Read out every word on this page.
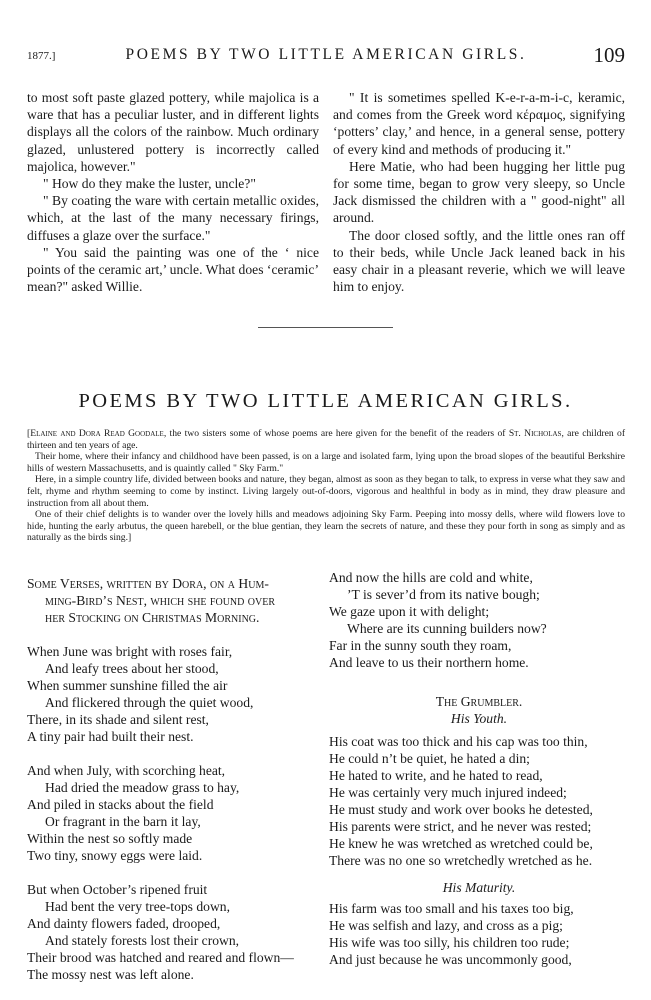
1877.]	POEMS BY TWO LITTLE AMERICAN GIRLS.	109

to most soft paste glazed pottery, while majolica is a ware that has a peculiar luster, and in different lights displays all the colors of the rainbow. Much ordinary glazed, unlustered pottery is incorrectly called majolica, however."

" How do they make the luster, uncle?"

" By coating the ware with certain metallic oxides, which, at the last of the many necessary firings, diffuses a glaze over the surface."

" You said the painting was one of the ‘ nice points of the ceramic art,’ uncle. What does ‘ceramic’ mean?" asked Willie.

" It is sometimes spelled K-e-r-a-m-i-c, keramic, and comes from the Greek word κέραμος, signifying ‘potters’ clay,’ and hence, in a general sense, pottery of every kind and methods of producing it."

Here Matie, who had been hugging her little pug for some time, began to grow very sleepy, so Uncle Jack dismissed the children with a " good-night" all around.

The door closed softly, and the little ones ran off to their beds, while Uncle Jack leaned back in his easy chair in a pleasant reverie, which we will leave him to enjoy.

POEMS BY TWO LITTLE AMERICAN GIRLS.

[Elaine and Dora Read Goodale, the two sisters some of whose poems are here given for the benefit of the readers of St. Nicholas, are children of thirteen and ten years of age.

Their home, where their infancy and childhood have been passed, is on a large and isolated farm, lying upon the broad slopes of the beautiful Berkshire hills of western Massachusetts, and is quaintly called " Sky Farm."

Here, in a simple country life, divided between books and nature, they began, almost as soon as they began to talk, to express in verse what they saw and felt, rhyme and rhythm seeming to come by instinct. Living largely out-of-doors, vigorous and healthful in body as in mind, they draw pleasure and instruction from all about them.

One of their chief delights is to wander over the lovely hills and meadows adjoining Sky Farm. Peeping into mossy dells, where wild flowers love to hide, hunting the early arbutus, the queen harebell, or the blue gentian, they learn the secrets of nature, and these they pour forth in song as simply and as naturally as the birds sing.]

Some Verses, written by Dora, on a Hum-
ming-Bird’s Nest, which she found over
her Stocking on Christmas Morning.
When June was bright with roses fair,
And leafy trees about her stood,
When summer sunshine filled the air
And flickered through the quiet wood,
There, in its shade and silent rest,
A tiny pair had built their nest.
And when July, with scorching heat,
Had dried the meadow grass to hay,
And piled in stacks about the field
Or fragrant in the barn it lay,
Within the nest so softly made
Two tiny, snowy eggs were laid.
But when October’s ripened fruit
Had bent the very tree-tops down,
And dainty flowers faded, drooped,
And stately forests lost their crown,
Their brood was hatched and reared and flown—
The mossy nest was left alone.
And now the hills are cold and white,
’T is sever’d from its native bough;
We gaze upon it with delight;
Where are its cunning builders now?
Far in the sunny south they roam,
And leave to us their northern home.
The Grumbler.
His Youth.
His coat was too thick and his cap was too thin,
He could n’t be quiet, he hated a din;
He hated to write, and he hated to read,
He was certainly very much injured indeed;
He must study and work over books he detested,
His parents were strict, and he never was rested;
He knew he was wretched as wretched could be,
There was no one so wretchedly wretched as he.
His Maturity.
His farm was too small and his taxes too big,
He was selfish and lazy, and cross as a pig;
His wife was too silly, his children too rude;
And just because he was uncommonly good,
